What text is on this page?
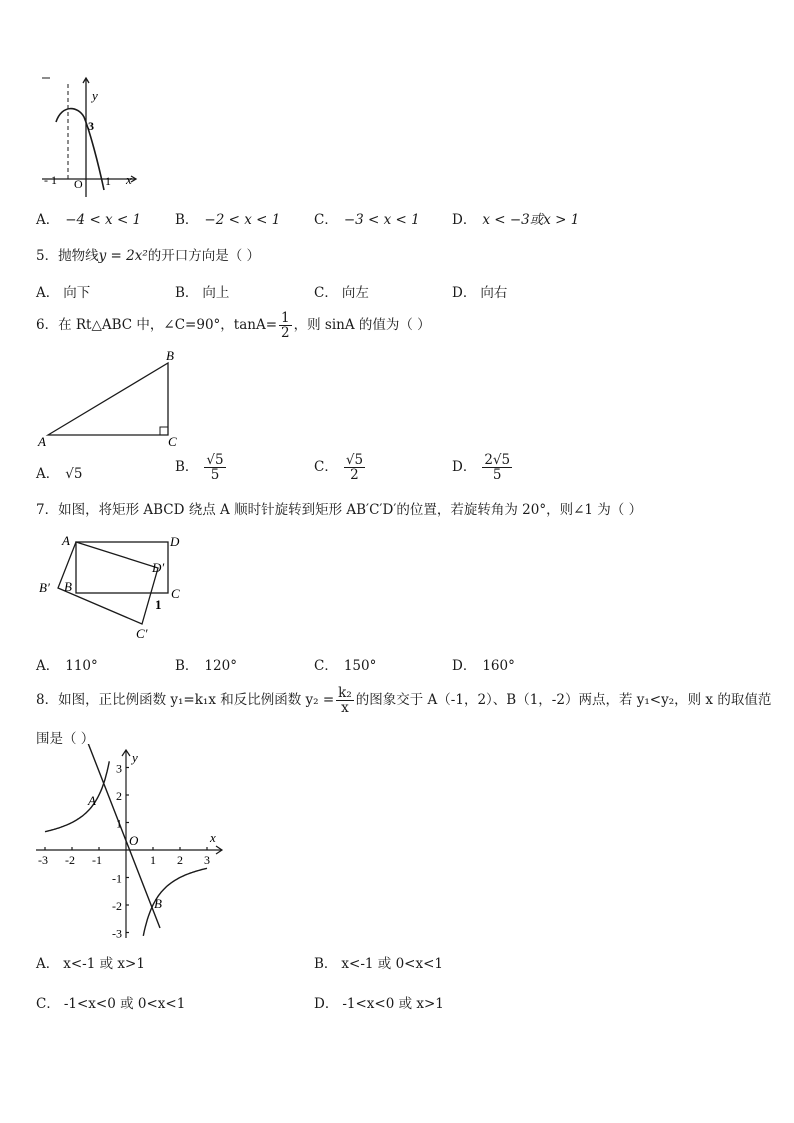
y
x
3
- 1 O 1
A． −4 < x < 1	B． −2 < x < 1 C． −3 < x < 1 D． x < −3或x > 1
5．抛物线y = 2x²的开口方向是（ ）
A． 向下	B． 向上	C． 向左	D． 向右
6．在 Rt△ABC 中，∠C=90°，$\tan A= \frac{1}{2}$ ，则 sinA 的值为（ ）
A
B
C
A． √5	B． $\frac{√5}{5}$	C． $\frac{√5}{2}$	D． $\frac{2√5}{5}$
7．如图，将矩形 ABCD 绕点 A 顺时针旋转到矩形 AB′C′D′的位置，若旋转角为 20°，则∠1 为（ ）
A	D
D′
B′ B	C
C′
1
A． 110°	B． 120°	C． 150°	D． 160°
8．如图，正比例函数 y₁=k₁x 和反比例函数 $y_2 = \frac{\text{k₂}}{x}$ 的图象交于 A（-1，2）、B（1，-2）两点，若 y₁<y₂，则 x 的取值范
围是（ ）
-3 -2 -1	1 2 3
3
2
1
-1
-2
-3
y
x
O
A
B
A． x<-1 或 x>1	B． x<-1 或 0<x<1
C． -1<x<0 或 0<x<1	D． -1<x<0 或 x>1
